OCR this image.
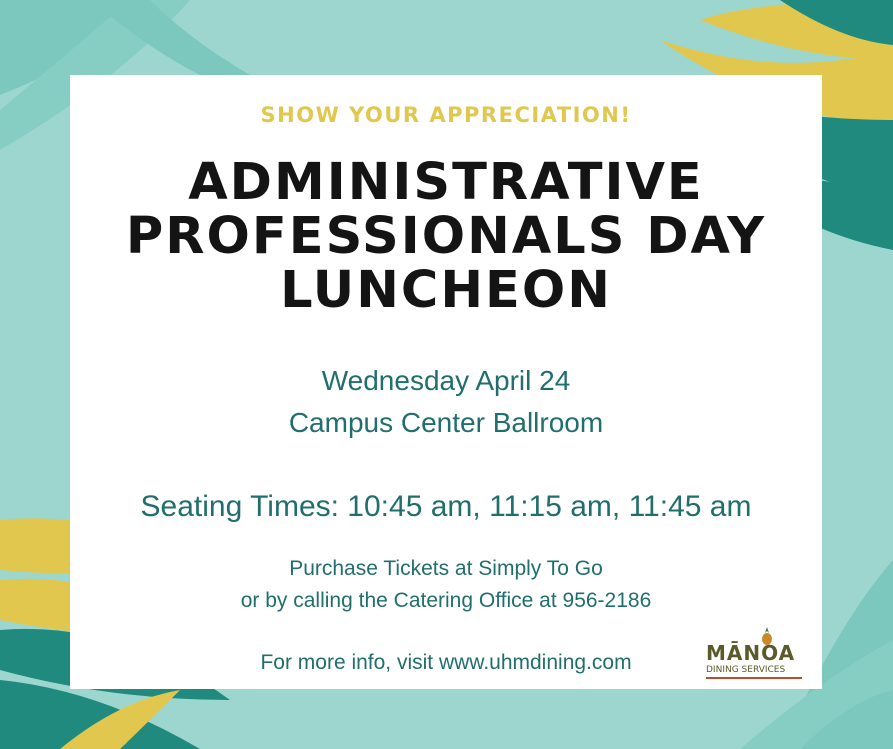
SHOW YOUR APPRECIATION!
ADMINISTRATIVE
PROFESSIONALS DAY
LUNCHEON
Wednesday April 24
Campus Center Ballroom
Seating Times: 10:45 am, 11:15 am, 11:45 am
Purchase Tickets at Simply To Go
or by calling the Catering Office at 956-2186
For more info, visit www.uhmdining.com	MĀNOA
DINING SERVICES
